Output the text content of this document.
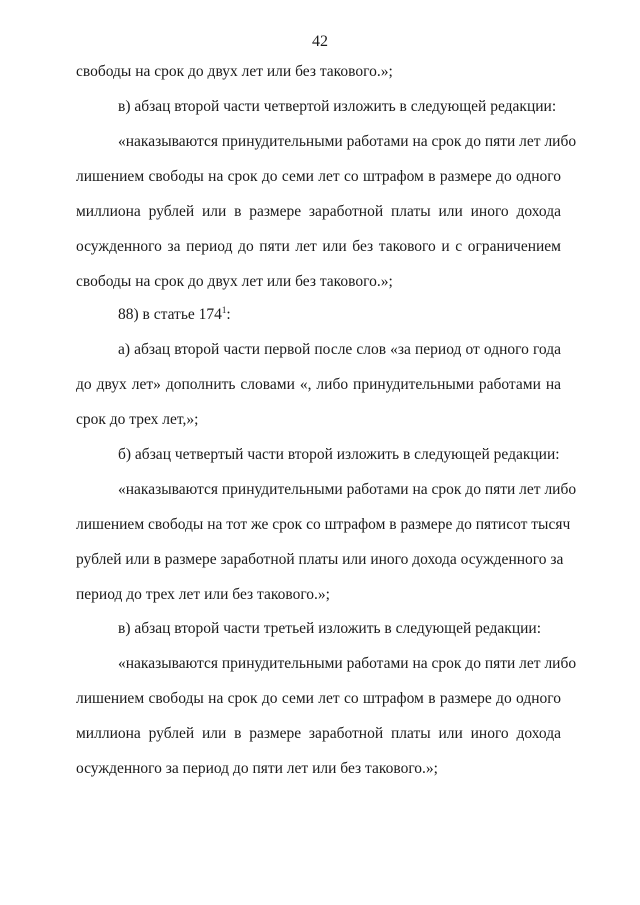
42
свободы на срок до двух лет или без такового.»;
в) абзац второй части четвертой изложить в следующей редакции:
«наказываются принудительными работами на срок до пяти лет либо
лишением свободы на срок до семи лет со штрафом в размере до одного
миллиона рублей или в размере заработной платы или иного дохода
осужденного за период до пяти лет или без такового и с ограничением
свободы на срок до двух лет или без такового.»;
88) в статье $174^1$:
а) абзац второй части первой после слов «за период от одного года
до двух лет» дополнить словами «, либо принудительными работами на
срок до трех лет,»;
б) абзац четвертый части второй изложить в следующей редакции:
«наказываются принудительными работами на срок до пяти лет либо
лишением свободы на тот же срок со штрафом в размере до пятисот тысяч
рублей или в размере заработной платы или иного дохода осужденного за
период до трех лет или без такового.»;
в) абзац второй части третьей изложить в следующей редакции:
«наказываются принудительными работами на срок до пяти лет либо
лишением свободы на срок до семи лет со штрафом в размере до одного
миллиона рублей или в размере заработной платы или иного дохода
осужденного за период до пяти лет или без такового.»;
